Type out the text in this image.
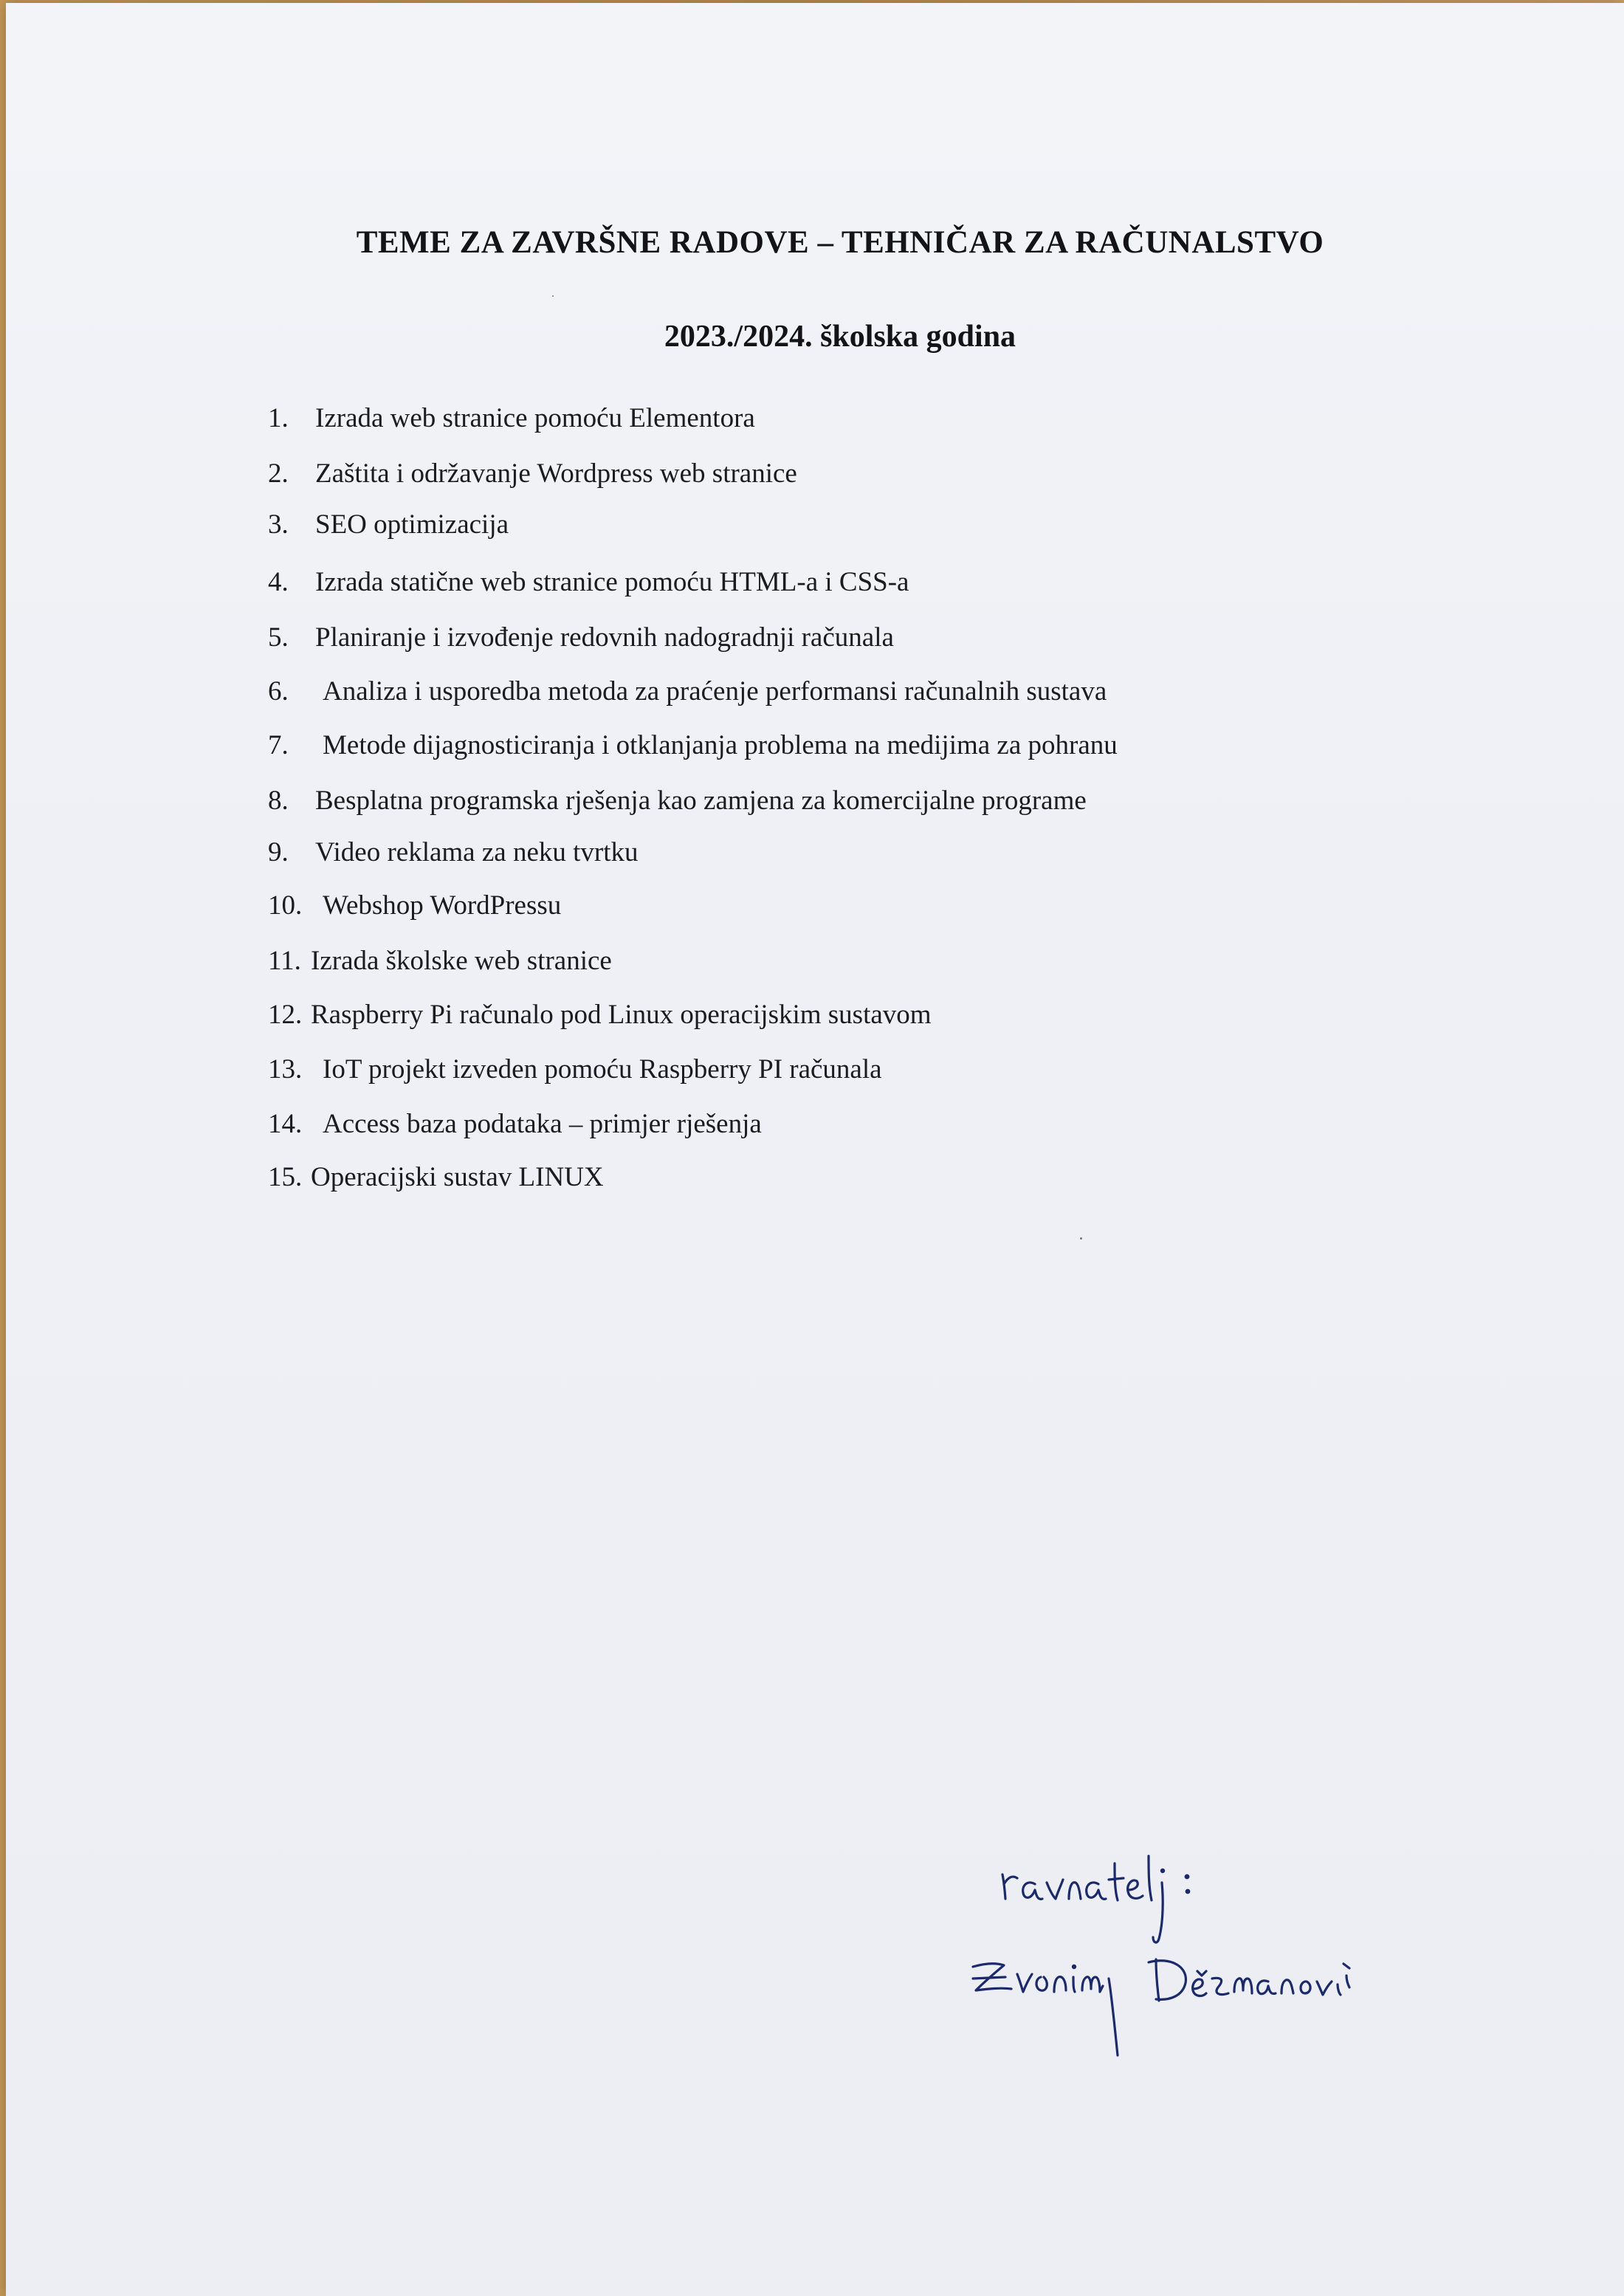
TEME ZA ZAVRŠNE RADOVE – TEHNIČAR ZA RAČUNALSTVO
2023./2024. školska godina
1. Izrada web stranice pomoću Elementora
2. Zaštita i održavanje Wordpress web stranice
3. SEO optimizacija
4. Izrada statične web stranice pomoću HTML-a i CSS-a
5. Planiranje i izvođenje redovnih nadogradnji računala
6. Analiza i usporedba metoda za praćenje performansi računalnih sustava
7. Metode dijagnosticiranja i otklanjanja problema na medijima za pohranu
8. Besplatna programska rješenja kao zamjena za komercijalne programe
9. Video reklama za neku tvrtku
10. Webshop WordPressu
11. Izrada školske web stranice
12. Raspberry Pi računalo pod Linux operacijskim sustavom
13. IoT projekt izveden pomoću Raspberry PI računala
14. Access baza podataka – primjer rješenja
15. Operacijski sustav LINUX
